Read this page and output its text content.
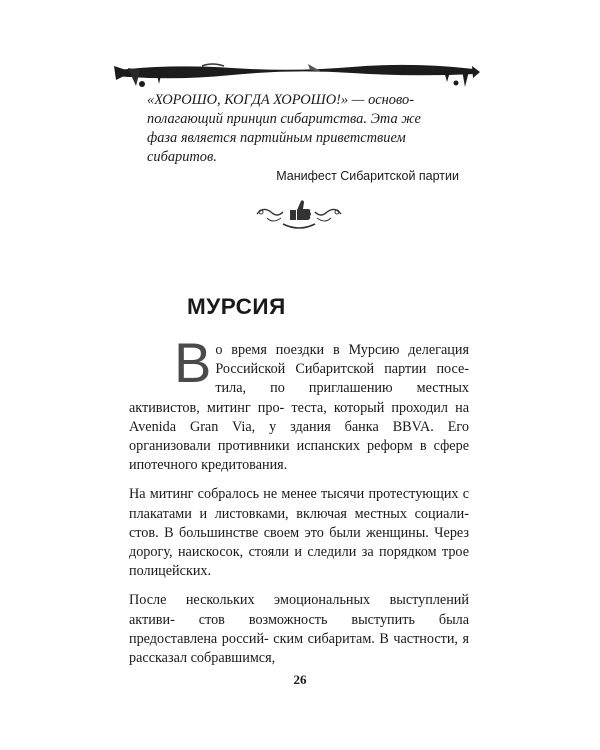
«ХОРОШО, КОГДА ХОРОШО!» — осново-
полагающий принцип сибаритства. Эта же
фаза является партийным приветствием
сибаритов.

Манифест Сибаритской партии
МУРСИЯ

В о время поездки в Мурсию делегация Российской Сибаритской партии посе- тила, по приглашению местных активистов, митинг про- теста, который проходил на Avenida Gran Via, у здания банка BBVA. Его организовали противники испанских реформ в сфере ипотечного кредитования.

На митинг собралось не менее тысячи протестующих с плакатами и листовками, включая местных социали- стов. В большинстве своем это были женщины. Через дорогу, наискосок, стояли и следили за порядком трое полицейских.

После нескольких эмоциональных выступлений активи- стов возможность выступить была предоставлена россий- ским сибаритам. В частности, я рассказал собравшимся,

26
